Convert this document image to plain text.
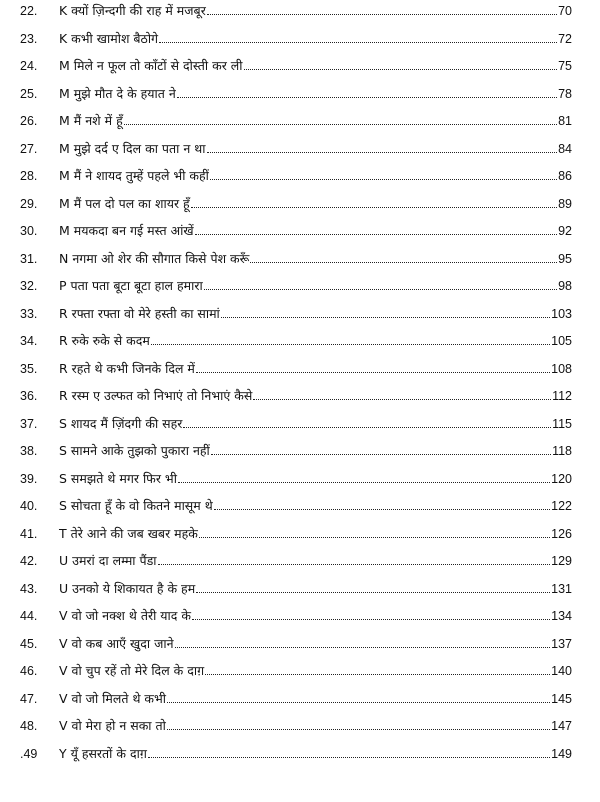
22.	K क्यों ज़िन्दगी की राह में मजबूर	70
23.	K कभी खामोश बैठोगे	72
24.	M मिले न फूल तो काँटों से दोस्ती कर ली	75
25.	M मुझे मौत दे के हयात ने	78
26.	M मैं नशे में हूँ	81
27.	M मुझे दर्द ए दिल का पता न था	84
28.	M मैं ने शायद तुम्हें पहले भी कहीं	86
29.	M मैं पल दो पल का शायर हूँ	89
30.	M मयकदा बन गई मस्त आंखें	92
31.	N नगमा ओ शेर की सौगात किसे पेश करूँ	95
32.	P पता पता बूटा बूटा हाल हमारा	98
33.	R रफ्ता रफ्ता वो मेरे हस्ती का सामां	103
34.	R रुके रुके से कदम	105
35.	R रहते थे कभी जिनके दिल में	108
36.	R रस्म ए उल्फत को निभाएं तो निभाएं कैसे	112
37.	S शायद मैं ज़िंदगी की सहर	115
38.	S सामने आके तुझको पुकारा नहीं	118
39.	S समझते थे मगर फिर भी	120
40.	S सोचता हूँ के वो कितने मासूम थे	122
41.	T तेरे आने की जब खबर महके	126
42.	U उमरां दा लम्मा पैंडा	129
43.	U उनको ये शिकायत है के हम	131
44.	V वो जो नक्श थे तेरी याद के	134
45.	V वो कब आएँ खुदा जाने	137
46.	V वो चुप रहें तो मेरे दिल के दाग़	140
47.	V वो जो मिलते थे कभी	145
48.	V वो मेरा हो न सका तो	147
.49	Y यूँ हसरतों के दाग़	149
